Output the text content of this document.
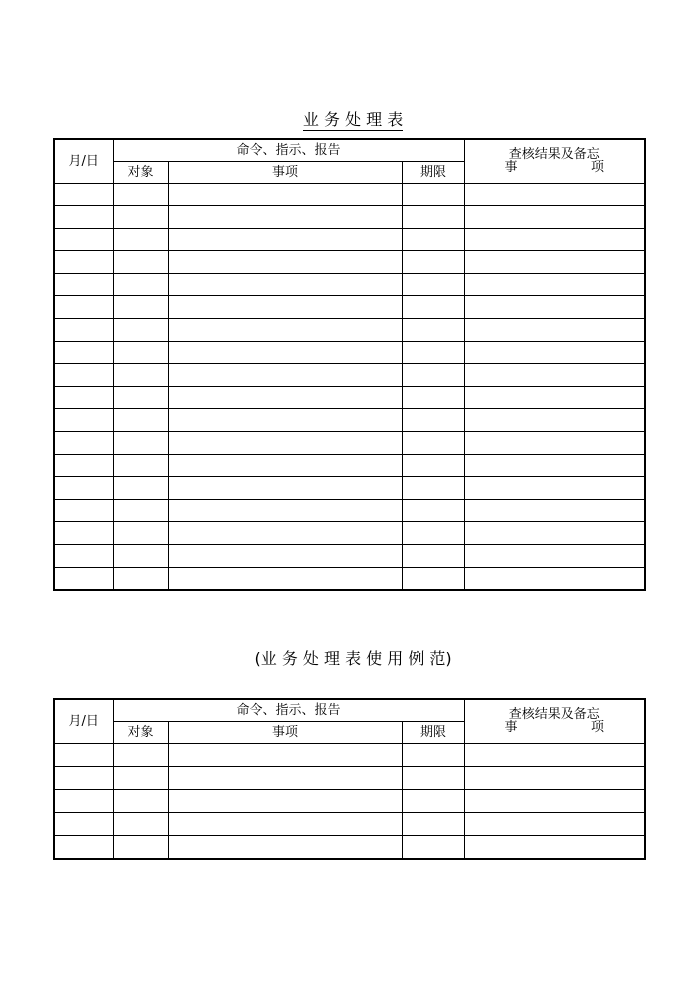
业 务 处 理 表

月/日	命令、指示、报告			查核结果及备忘
事 项

	对象	事项	期限	

(业 务 处 理 表 使 用 例 范)

月/日	命令、指示、报告			查核结果及备忘
事 项

	对象	事项	期限	
